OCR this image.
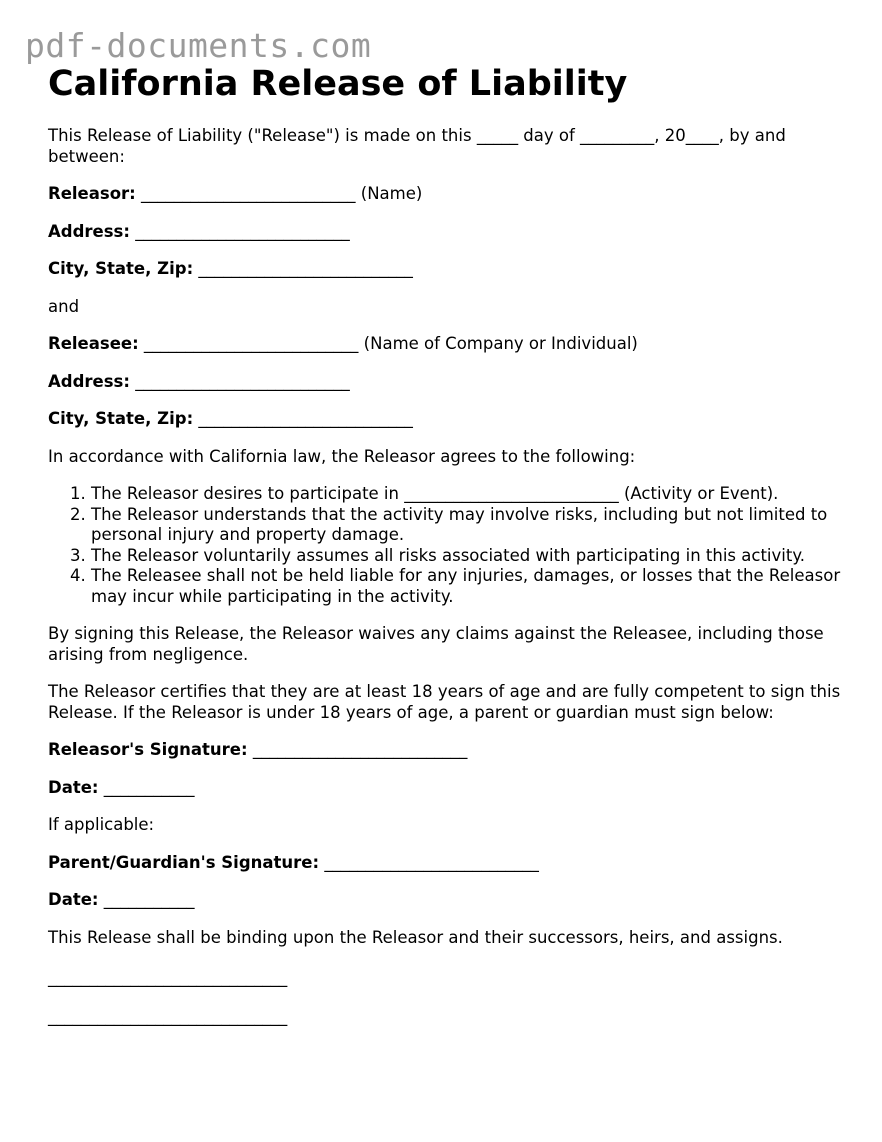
pdf-documents.com
California Release of Liability

This Release of Liability ("Release") is made on this _____ day of _________, 20____, by and between:

Releasor: __________________________ (Name)

Address: __________________________

City, State, Zip: __________________________

and

Releasee: __________________________ (Name of Company or Individual)

Address: __________________________

City, State, Zip: __________________________

In accordance with California law, the Releasor agrees to the following:

1. The Releasor desires to participate in __________________________ (Activity or Event).
2. The Releasor understands that the activity may involve risks, including but not limited to personal injury and property damage.
3. The Releasor voluntarily assumes all risks associated with participating in this activity.
4. The Releasee shall not be held liable for any injuries, damages, or losses that the Releasor may incur while participating in the activity.

By signing this Release, the Releasor waives any claims against the Releasee, including those arising from negligence.

The Releasor certifies that they are at least 18 years of age and are fully competent to sign this Release. If the Releasor is under 18 years of age, a parent or guardian must sign below:

Releasor's Signature: __________________________

Date: ___________

If applicable:

Parent/Guardian's Signature: __________________________

Date: ___________

This Release shall be binding upon the Releasor and their successors, heirs, and assigns.

_____________________________

_____________________________
